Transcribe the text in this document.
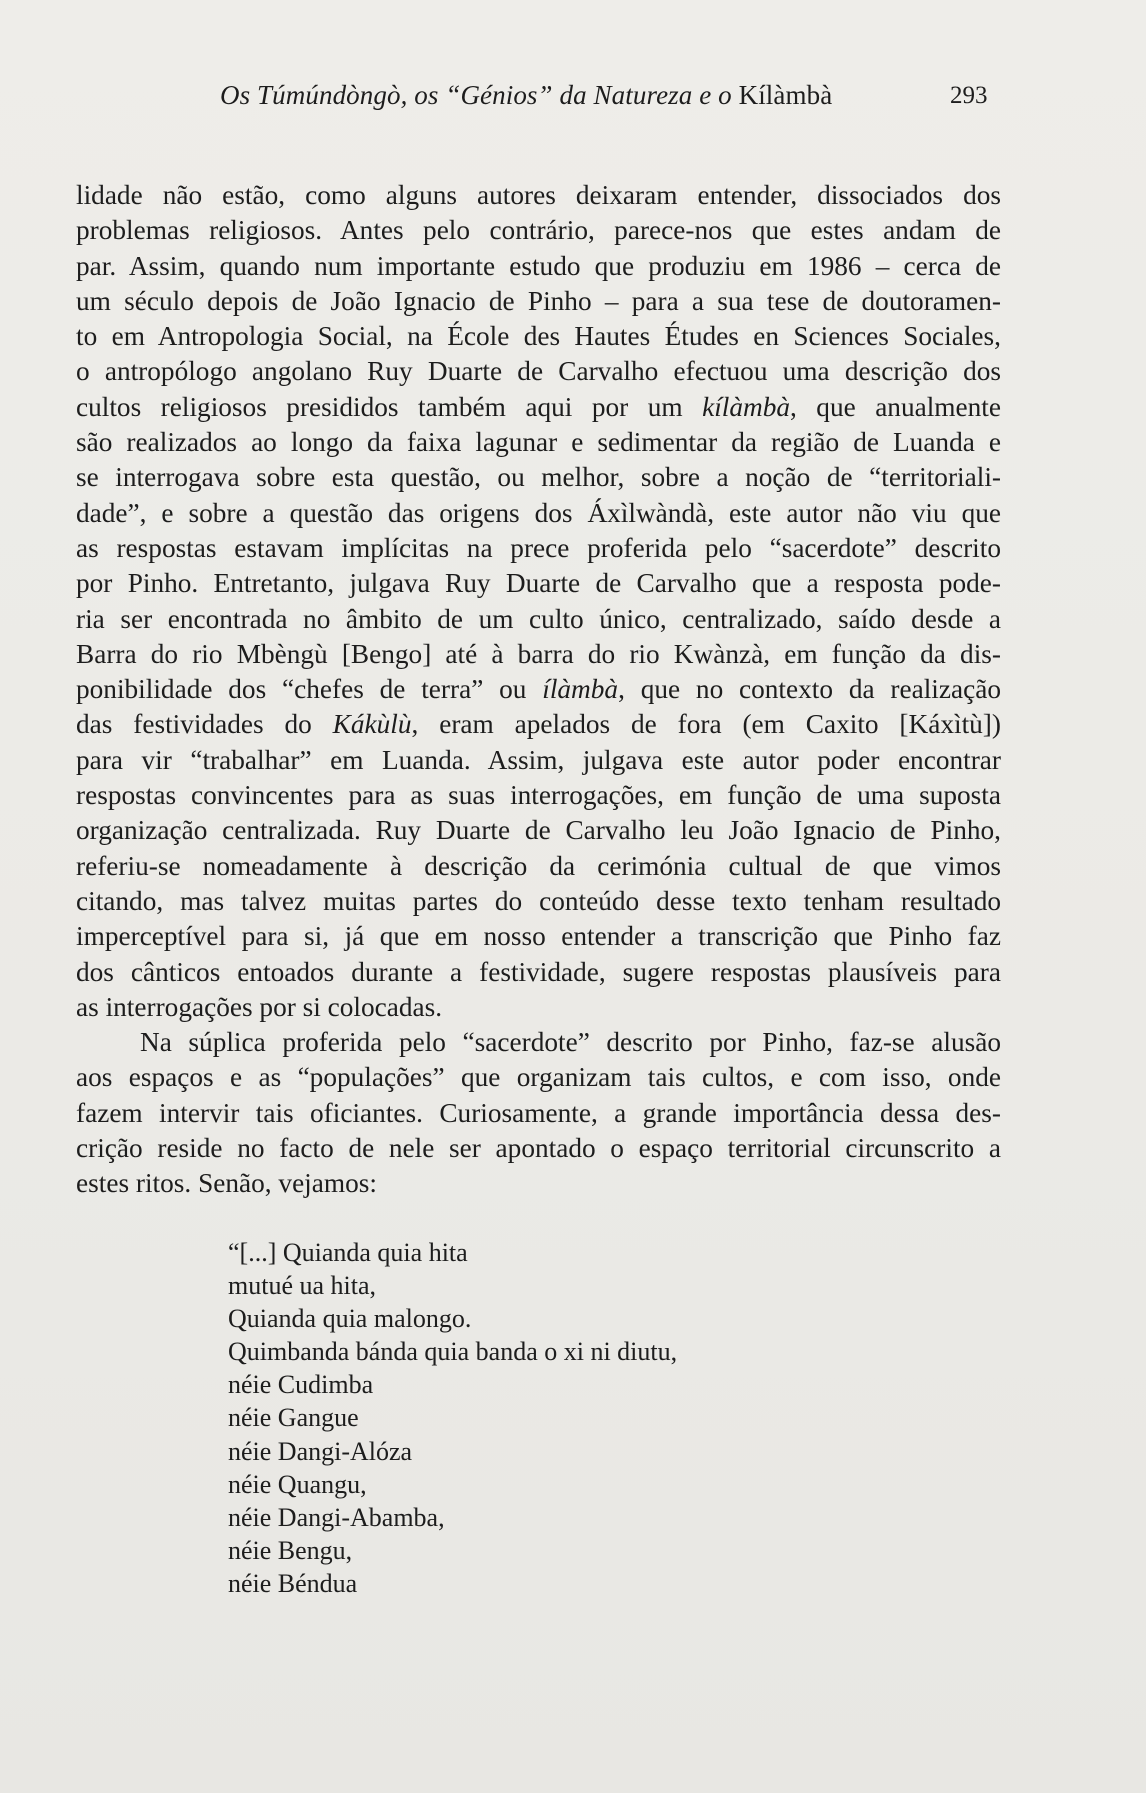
Os Túmúndòngò, os “Génios” da Natureza e o Kílàmbà	293
lidade não estão, como alguns autores deixaram entender, dissociados dos
problemas religiosos. Antes pelo contrário, parece-nos que estes andam de
par. Assim, quando num importante estudo que produziu em 1986 – cerca de
um século depois de João Ignacio de Pinho – para a sua tese de doutoramen-
to em Antropologia Social, na École des Hautes Études en Sciences Sociales,
o antropólogo angolano Ruy Duarte de Carvalho efectuou uma descrição dos
cultos religiosos presididos também aqui por um kílàmbà, que anualmente
são realizados ao longo da faixa lagunar e sedimentar da região de Luanda e
se interrogava sobre esta questão, ou melhor, sobre a noção de “territoriali-
dade”, e sobre a questão das origens dos Áxìlwàndà, este autor não viu que
as respostas estavam implícitas na prece proferida pelo “sacerdote” descrito
por Pinho. Entretanto, julgava Ruy Duarte de Carvalho que a resposta pode-
ria ser encontrada no âmbito de um culto único, centralizado, saído desde a
Barra do rio Mbèngù [Bengo] até à barra do rio Kwànzà, em função da dis-
ponibilidade dos “chefes de terra” ou ílàmbà, que no contexto da realização
das festividades do Kákùlù, eram apelados de fora (em Caxito [Káxìtù])
para vir “trabalhar” em Luanda. Assim, julgava este autor poder encontrar
respostas convincentes para as suas interrogações, em função de uma suposta
organização centralizada. Ruy Duarte de Carvalho leu João Ignacio de Pinho,
referiu-se nomeadamente à descrição da cerimónia cultual de que vimos
citando, mas talvez muitas partes do conteúdo desse texto tenham resultado
imperceptível para si, já que em nosso entender a transcrição que Pinho faz
dos cânticos entoados durante a festividade, sugere respostas plausíveis para
as interrogações por si colocadas.
Na súplica proferida pelo “sacerdote” descrito por Pinho, faz-se alusão
aos espaços e as “populações” que organizam tais cultos, e com isso, onde
fazem intervir tais oficiantes. Curiosamente, a grande importância dessa des-
crição reside no facto de nele ser apontado o espaço territorial circunscrito a
estes ritos. Senão, vejamos:
“[...] Quianda quia hita
mutué ua hita,
Quianda quia malongo.
Quimbanda bánda quia banda o xi ni diutu,
néie Cudimba
néie Gangue
néie Dangi-Alóza
néie Quangu,
néie Dangi-Abamba,
néie Bengu,
néie Béndua
